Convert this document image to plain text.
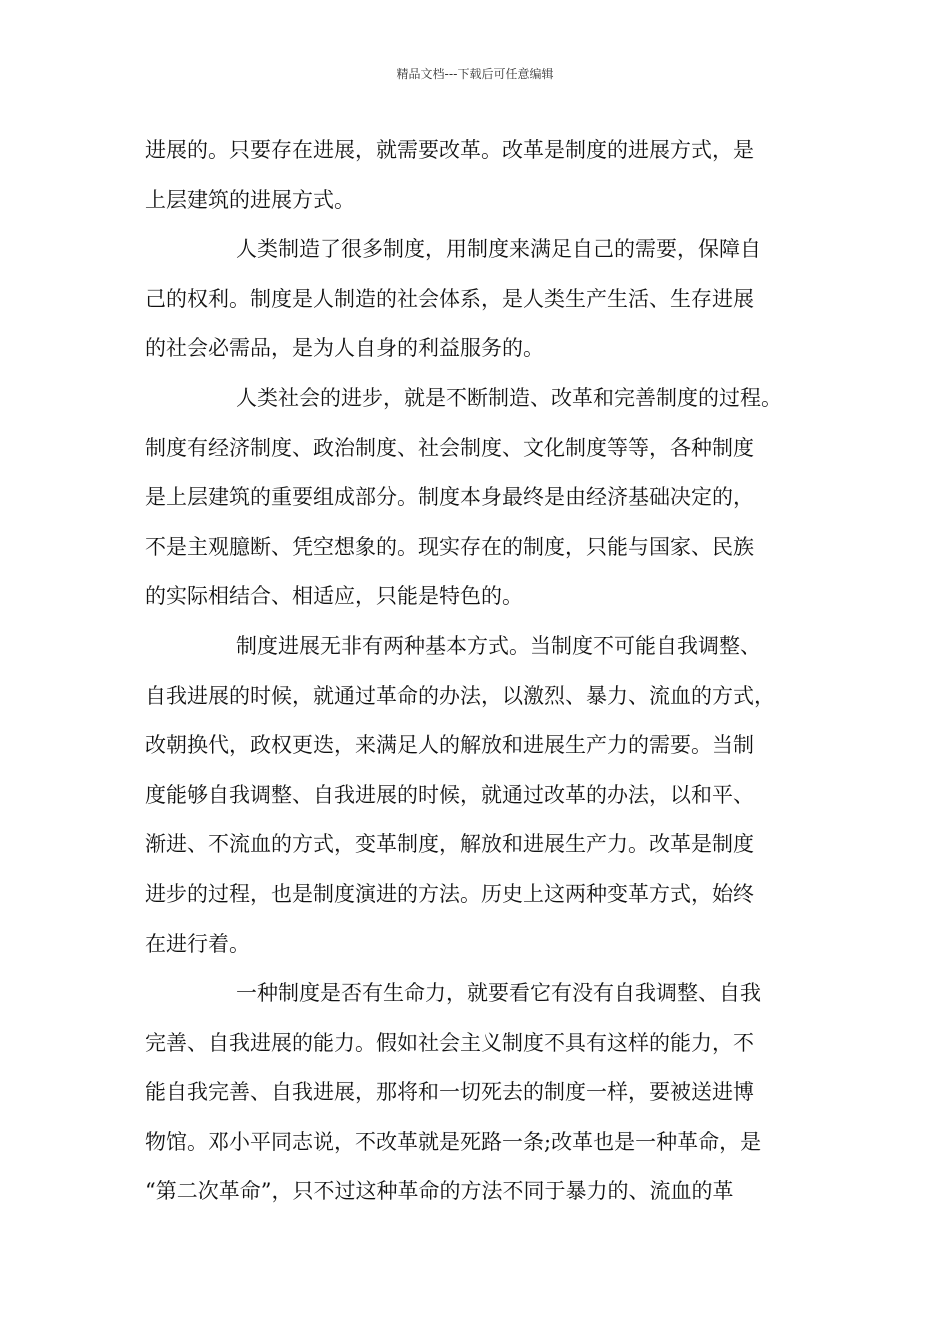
精品文档---下载后可任意编辑
进展的。只要存在进展，就需要改革。改革是制度的进展方式，是
上层建筑的进展方式。
人类制造了很多制度，用制度来满足自己的需要，保障自
己的权利。制度是人制造的社会体系，是人类生产生活、生存进展
的社会必需品，是为人自身的利益服务的。
人类社会的进步，就是不断制造、改革和完善制度的过程。
制度有经济制度、政治制度、社会制度、文化制度等等，各种制度
是上层建筑的重要组成部分。制度本身最终是由经济基础决定的，
不是主观臆断、凭空想象的。现实存在的制度，只能与国家、民族
的实际相结合、相适应，只能是特色的。
制度进展无非有两种基本方式。当制度不可能自我调整、
自我进展的时候，就通过革命的办法，以激烈、暴力、流血的方式，
改朝换代，政权更迭，来满足人的解放和进展生产力的需要。当制
度能够自我调整、自我进展的时候，就通过改革的办法，以和平、
渐进、不流血的方式，变革制度，解放和进展生产力。改革是制度
进步的过程，也是制度演进的方法。历史上这两种变革方式，始终
在进行着。
一种制度是否有生命力，就要看它有没有自我调整、自我
完善、自我进展的能力。假如社会主义制度不具有这样的能力，不
能自我完善、自我进展，那将和一切死去的制度一样，要被送进博
物馆。邓小平同志说，不改革就是死路一条;改革也是一种革命，是
“第二次革命”，只不过这种革命的方法不同于暴力的、流血的革
